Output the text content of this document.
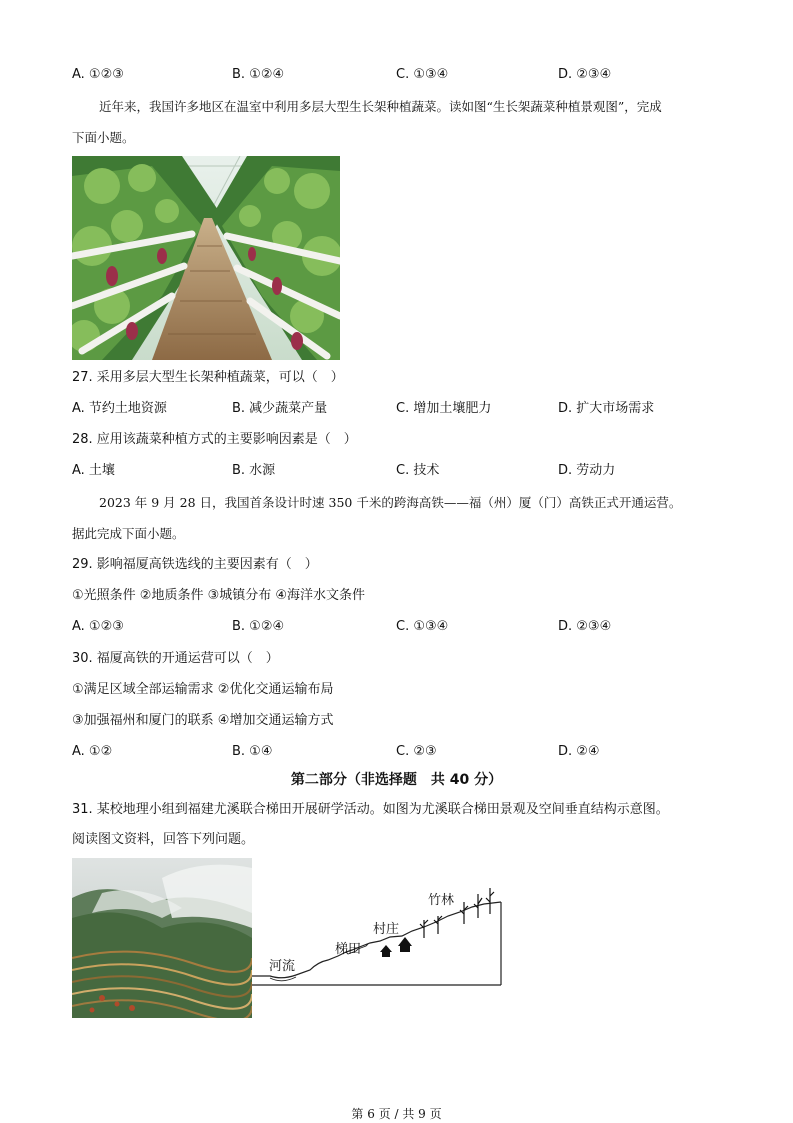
A. ①②③	B. ①②④	C. ①③④	D. ②③④
近年来，我国许多地区在温室中利用多层大型生长架种植蔬菜。读如图“生长架蔬菜种植景观图”，完成
下面小题。
27. 采用多层大型生长架种植蔬菜，可以（　）
A. 节约土地资源	B. 减少蔬菜产量	C. 增加土壤肥力	D. 扩大市场需求
28. 应用该蔬菜种植方式的主要影响因素是（　）
A. 土壤	B. 水源	C. 技术	D. 劳动力
2023 年 9 月 28 日，我国首条设计时速 350 千米的跨海高铁——福（州）厦（门）高铁正式开通运营。
据此完成下面小题。
29. 影响福厦高铁选线的主要因素有（　）
①光照条件 ②地质条件 ③城镇分布 ④海洋水文条件
A. ①②③	B. ①②④	C. ①③④	D. ②③④
30. 福厦高铁的开通运营可以（　）
①满足区域全部运输需求 ②优化交通运输布局
③加强福州和厦门的联系 ④增加交通运输方式
A. ①②	B. ①④	C. ②③	D. ②④
第二部分（非选择题　共 40 分）
31. 某校地理小组到福建尤溪联合梯田开展研学活动。如图为尤溪联合梯田景观及空间垂直结构示意图。
阅读图文资料，回答下列问题。
河流
梯田
村庄
竹林
第 6 页 / 共 9 页
